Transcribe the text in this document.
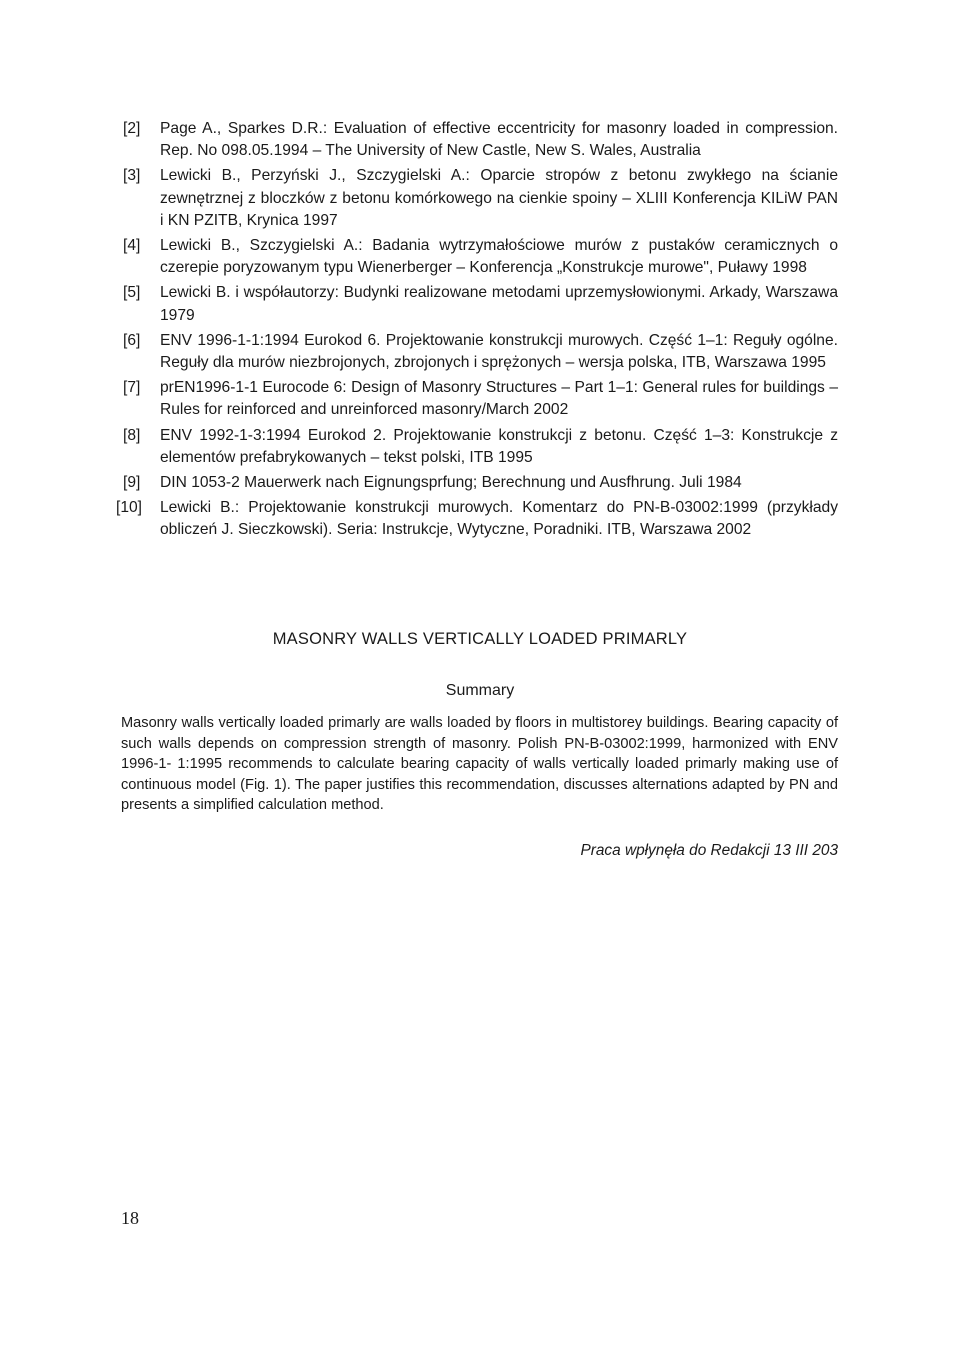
[2] Page A., Sparkes D.R.: Evaluation of effective eccentricity for masonry loaded in compression. Rep. No 098.05.1994 – The University of New Castle, New S. Wales, Australia
[3] Lewicki B., Perzyński J., Szczygielski A.: Oparcie stropów z betonu zwykłego na ścianie zewnętrznej z bloczków z betonu komórkowego na cienkie spoiny – XLIII Konferencja KILiW PAN i KN PZITB, Krynica 1997
[4] Lewicki B., Szczygielski A.: Badania wytrzymałościowe murów z pustaków ceramicznych o czerepie poryzowanym typu Wienerberger – Konferencja „Konstrukcje murowe", Puławy 1998
[5] Lewicki B. i współautorzy: Budynki realizowane metodami uprzemysłowionymi. Arkady, Warszawa 1979
[6] ENV 1996-1-1:1994 Eurokod 6. Projektowanie konstrukcji murowych. Część 1–1: Reguły ogólne. Reguły dla murów niezbrojonych, zbrojonych i sprężonych – wersja polska, ITB, Warszawa 1995
[7] prEN1996-1-1 Eurocode 6: Design of Masonry Structures – Part 1–1: General rules for buildings – Rules for reinforced and unreinforced masonry/March 2002
[8] ENV 1992-1-3:1994 Eurokod 2. Projektowanie konstrukcji z betonu. Część 1–3: Konstrukcje z elementów prefabrykowanych – tekst polski, ITB 1995
[9] DIN 1053-2 Mauerwerk nach Eignungsprfung; Berechnung und Ausfhrung. Juli 1984
[10] Lewicki B.: Projektowanie konstrukcji murowych. Komentarz do PN-B-03002:1999 (przykłady obliczeń J. Sieczkowski). Seria: Instrukcje, Wytyczne, Poradniki. ITB, Warszawa 2002
MASONRY WALLS VERTICALLY LOADED PRIMARLY
Summary

Masonry walls vertically loaded primarly are walls loaded by floors in multistorey buildings. Bearing capacity of such walls depends on compression strength of masonry. Polish PN-B-03002:1999, harmonized with ENV 1996-1- 1:1995 recommends to calculate bearing capacity of walls vertically loaded primarly making use of continuous model (Fig. 1). The paper justifies this recommendation, discusses alternations adapted by PN and presents a simplified calculation method.

Praca wpłynęła do Redakcji 13 III 203
18
